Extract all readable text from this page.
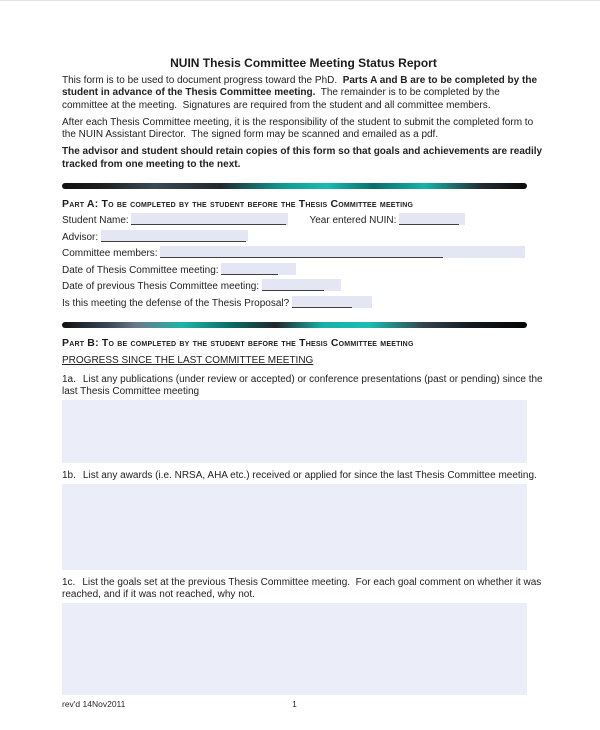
NUIN Thesis Committee Meeting Status Report

This form is to be used to document progress toward the PhD.  Parts A and B are to be completed by the student in advance of the Thesis Committee meeting.  The remainder is to be completed by the committee at the meeting.  Signatures are required from the student and all committee members.

After each Thesis Committee meeting, it is the responsibility of the student to submit the completed form to the NUIN Assistant Director.  The signed form may be scanned and emailed as a pdf.

The advisor and student should retain copies of this form so that goals and achievements are readily tracked from one meeting to the next.

Part A: To be completed by the student before the Thesis Committee meeting
Student Name:	Year entered NUIN:
Advisor:
Committee members:
Date of Thesis Committee meeting:
Date of previous Thesis Committee meeting:
Is this meeting the defense of the Thesis Proposal?
Part B: To be completed by the student before the Thesis Committee meeting
PROGRESS SINCE THE LAST COMMITTEE MEETING

1a. List any publications (under review or accepted) or conference presentations (past or pending) since the last Thesis Committee meeting

1b. List any awards (i.e. NRSA, AHA etc.) received or applied for since the last Thesis Committee meeting.

1c. List the goals set at the previous Thesis Committee meeting.  For each goal comment on whether it was reached, and if it was not reached, why not.

rev'd 14Nov2011	1
